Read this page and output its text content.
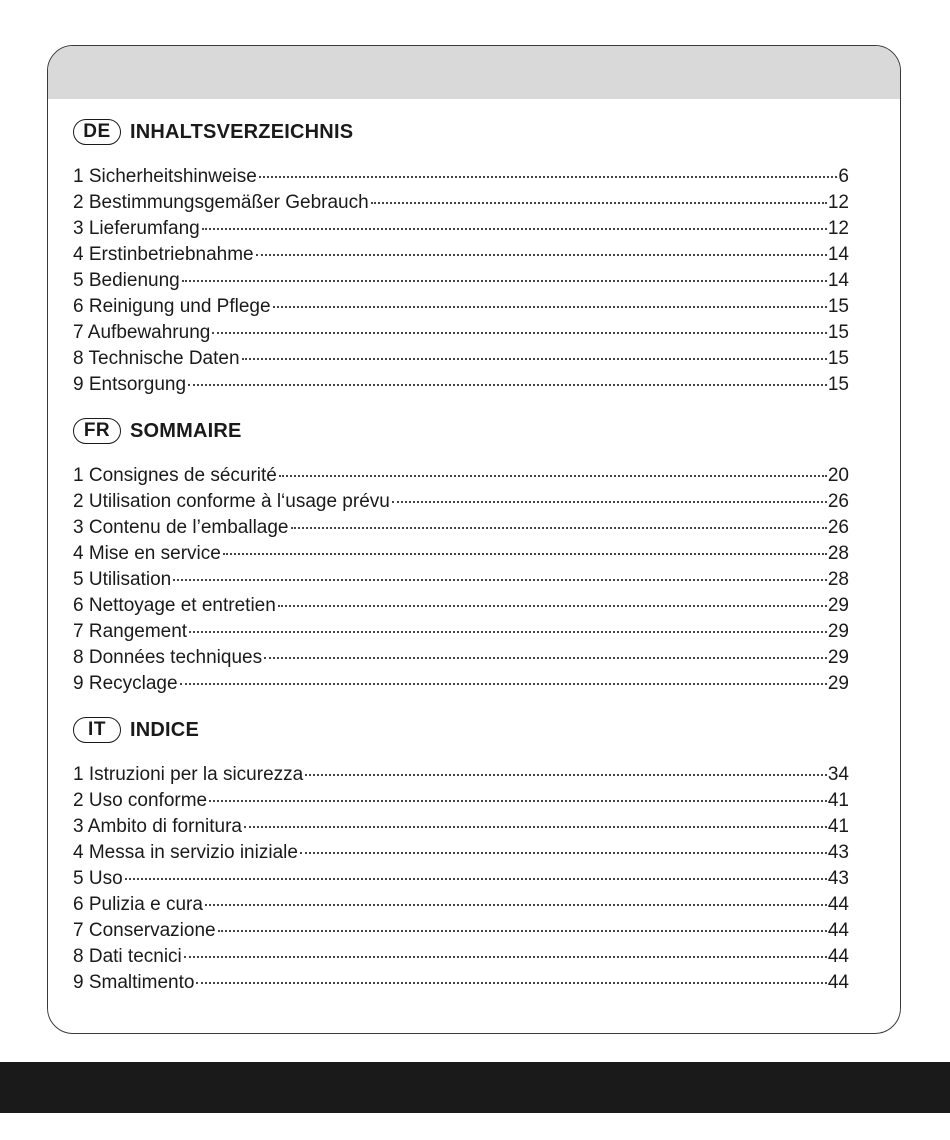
DE INHALTSVERZEICHNIS
1 Sicherheitshinweise	6
2 Bestimmungsgemäßer Gebrauch	12
3 Lieferumfang	12
4 Erstinbetriebnahme	14
5 Bedienung	14
6 Reinigung und Pflege	15
7 Aufbewahrung	15
8 Technische Daten	15
9 Entsorgung	15
FR SOMMAIRE
1 Consignes de sécurité	20
2 Utilisation conforme à l‘usage prévu	26
3 Contenu de l’emballage	26
4 Mise en service	28
5 Utilisation	28
6 Nettoyage et entretien	29
7 Rangement	29
8 Données techniques	29
9 Recyclage	29
IT	INDICE
1 Istruzioni per la sicurezza	34
2 Uso conforme	41
3 Ambito di fornitura	41
4 Messa in servizio iniziale	43
5 Uso	43
6 Pulizia e cura	44
7 Conservazione	44
8 Dati tecnici	44
9 Smaltimento	44
